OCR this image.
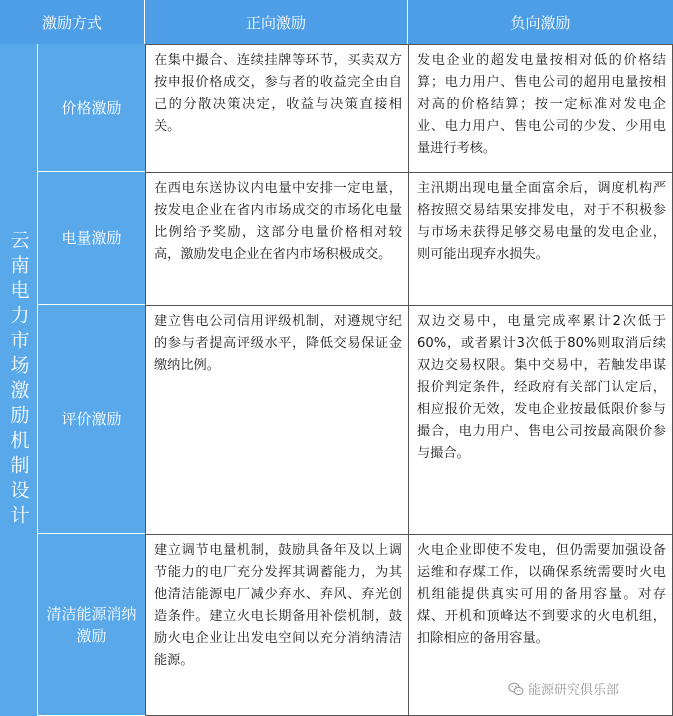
激励方式	正向激励	负向激励
云南电力市场激励机制设计
价格激励
在集中撮合、连续挂牌等环节，买卖双方按申报价格成交，参与者的收益完全由自己的分散决策决定，收益与决策直接相关。
发电企业的超发电量按相对低的价格结算；电力用户、售电公司的超用电量按相对高的价格结算；按一定标准对发电企业、电力用户、售电公司的少发、少用电量进行考核。
电量激励
在西电东送协议内电量中安排一定电量，按发电企业在省内市场成交的市场化电量比例给予奖励，这部分电量价格相对较高，激励发电企业在省内市场积极成交。
主汛期出现电量全面富余后，调度机构严格按照交易结果安排发电，对于不积极参与市场未获得足够交易电量的发电企业，则可能出现弃水损失。
评价激励
建立售电公司信用评级机制，对遵规守纪的参与者提高评级水平，降低交易保证金缴纳比例。
双边交易中，电量完成率累计2次低于60%，或者累计3次低于80%则取消后续双边交易权限。集中交易中，若触发串谋报价判定条件，经政府有关部门认定后，相应报价无效，发电企业按最低限价参与撮合，电力用户、售电公司按最高限价参与撮合。
清洁能源消纳激励
建立调节电量机制，鼓励具备年及以上调节能力的电厂充分发挥其调蓄能力，为其他清洁能源电厂减少弃水、弃风、弃光创造条件。建立火电长期备用补偿机制，鼓励火电企业让出发电空间以充分消纳清洁能源。
火电企业即使不发电，但仍需要加强设备运维和存煤工作，以确保系统需要时火电机组能提供真实可用的备用容量。对存煤、开机和顶峰达不到要求的火电机组，扣除相应的备用容量。
能源研究俱乐部
